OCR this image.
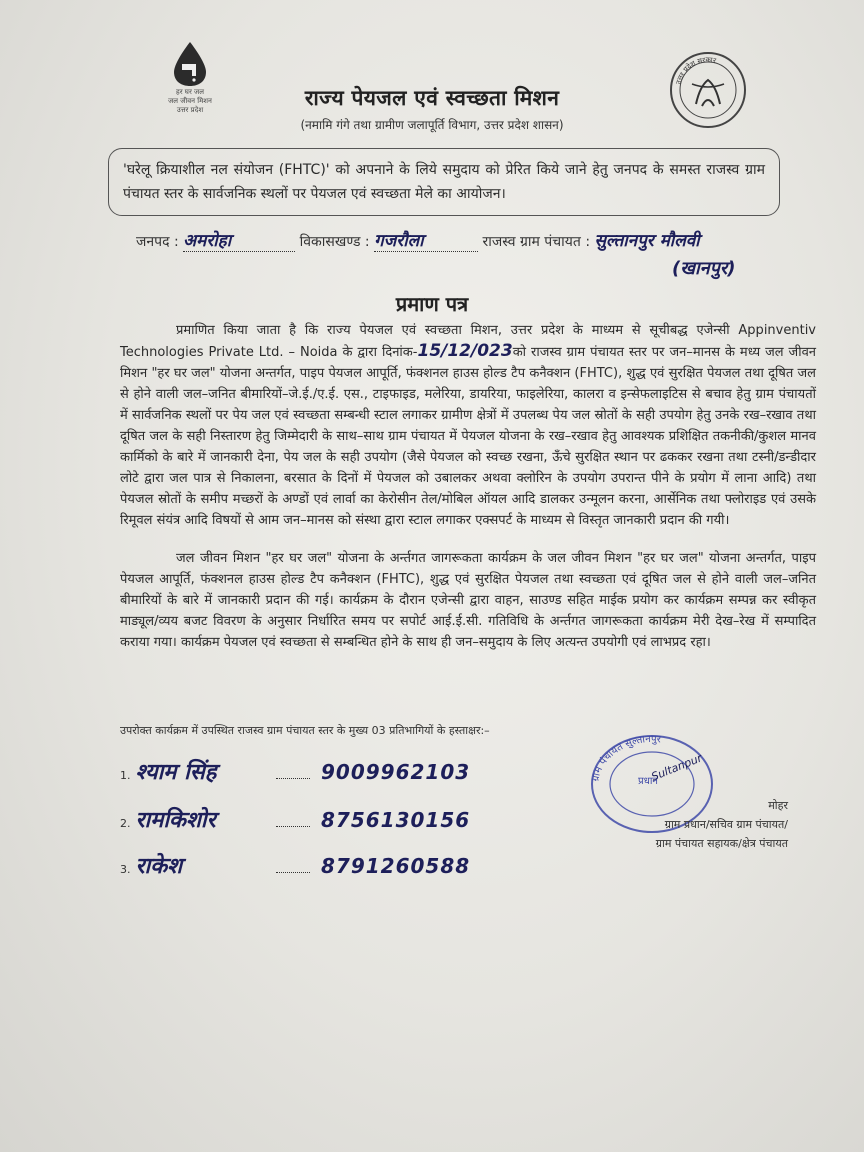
हर घर जल
जल जीवन मिशन
उत्तर प्रदेश
उत्तर प्रदेश सरकार
राज्य पेयजल एवं स्वच्छता मिशन
(नमामि गंगे तथा ग्रामीण जलापूर्ति विभाग, उत्तर प्रदेश शासन)
'घरेलू क्रियाशील नल संयोजन (FHTC)' को अपनाने के लिये समुदाय को प्रेरित किये जाने हेतु जनपद के समस्त राजस्व ग्राम पंचायत स्तर के सार्वजनिक स्थलों पर पेयजल एवं स्वच्छता मेले का आयोजन।
जनपद : अमरोहा	विकासखण्ड : गजरौला	राजस्व ग्राम पंचायत : सुल्तानपुर मौलवी
(खानपुर)
प्रमाण पत्र
प्रमाणित किया जाता है कि राज्य पेयजल एवं स्वच्छता मिशन, उत्तर प्रदेश के माध्यम से सूचीबद्ध एजेन्सी Appinventiv Technologies Private Ltd. – Noida के द्वारा दिनांक-15/12/023को राजस्व ग्राम पंचायत स्तर पर जन–मानस के मध्य जल जीवन मिशन "हर घर जल" योजना अन्तर्गत, पाइप पेयजल आपूर्ति, फंक्शनल हाउस होल्ड टैप कनैक्शन (FHTC), शुद्ध एवं सुरक्षित पेयजल तथा दूषित जल से होने वाली जल–जनित बीमारियों–जे.ई./ए.ई. एस., टाइफाइड, मलेरिया, डायरिया, फाइलेरिया, कालरा व इन्सेफलाइटिस से बचाव हेतु ग्राम पंचायतों में सार्वजनिक स्थलों पर पेय जल एवं स्वच्छता सम्बन्धी स्टाल लगाकर ग्रामीण क्षेत्रों में उपलब्ध पेय जल स्रोतों के सही उपयोग हेतु उनके रख–रखाव तथा दूषित जल के सही निस्तारण हेतु जिम्मेदारी के साथ–साथ ग्राम पंचायत में पेयजल योजना के रख–रखाव हेतु आवश्यक प्रशिक्षित तकनीकी/कुशल मानव कार्मिको के बारे में जानकारी देना, पेय जल के सही उपयोग (जैसे पेयजल को स्वच्छ रखना, ऊँचे सुरक्षित स्थान पर ढककर रखना तथा टस्नी/डन्डीदार लोटे द्वारा जल पात्र से निकालना, बरसात के दिनों में पेयजल को उबालकर अथवा क्लोरिन के उपयोग उपरान्त पीने के प्रयोग में लाना आदि) तथा पेयजल स्रोतों के समीप मच्छरों के अण्डों एवं लार्वा का केरोसीन तेल/मोबिल ऑयल आदि डालकर उन्मूलन करना, आर्सेनिक तथा फ्लोराइड एवं उसके रिमूवल संयंत्र आदि विषयों से आम जन–मानस को संस्था द्वारा स्टाल लगाकर एक्सपर्ट के माध्यम से विस्तृत जानकारी प्रदान की गयी।
जल जीवन मिशन "हर घर जल" योजना के अर्न्तगत जागरूकता कार्यक्रम के जल जीवन मिशन "हर घर जल" योजना अन्तर्गत, पाइप पेयजल आपूर्ति, फंक्शनल हाउस होल्ड टैप कनैक्शन (FHTC), शुद्ध एवं सुरक्षित पेयजल तथा स्वच्छता एवं दूषित जल से होने वाली जल–जनित बीमारियों के बारे में जानकारी प्रदान की गई। कार्यक्रम के दौरान एजेन्सी द्वारा वाहन, साउण्ड सहित माईक प्रयोग कर कार्यक्रम सम्पन्न कर स्वीकृत माड्यूल/व्यय बजट विवरण के अनुसार निर्धारित समय पर सपोर्ट आई.ई.सी. गतिविधि के अर्न्तगत जागरूकता कार्यक्रम मेरी देख–रेख में सम्पादित कराया गया। कार्यक्रम पेयजल एवं स्वच्छता से सम्बन्धित होने के साथ ही जन–समुदाय के लिए अत्यन्त उपयोगी एवं लाभप्रद रहा।
उपरोक्त कार्यक्रम में उपस्थित राजस्व ग्राम पंचायत स्तर के मुख्य 03 प्रतिभागियों के हस्ताक्षर:–
1. श्याम सिंह	9009962103
2. रामकिशोर	8756130156
3. राकेश	8791260588
ग्राम पंचायत सुल्तानपुर
प्रधान
Sultanpur
मोहर
ग्राम प्रधान/सचिव ग्राम पंचायत/
ग्राम पंचायत सहायक/क्षेत्र पंचायत
